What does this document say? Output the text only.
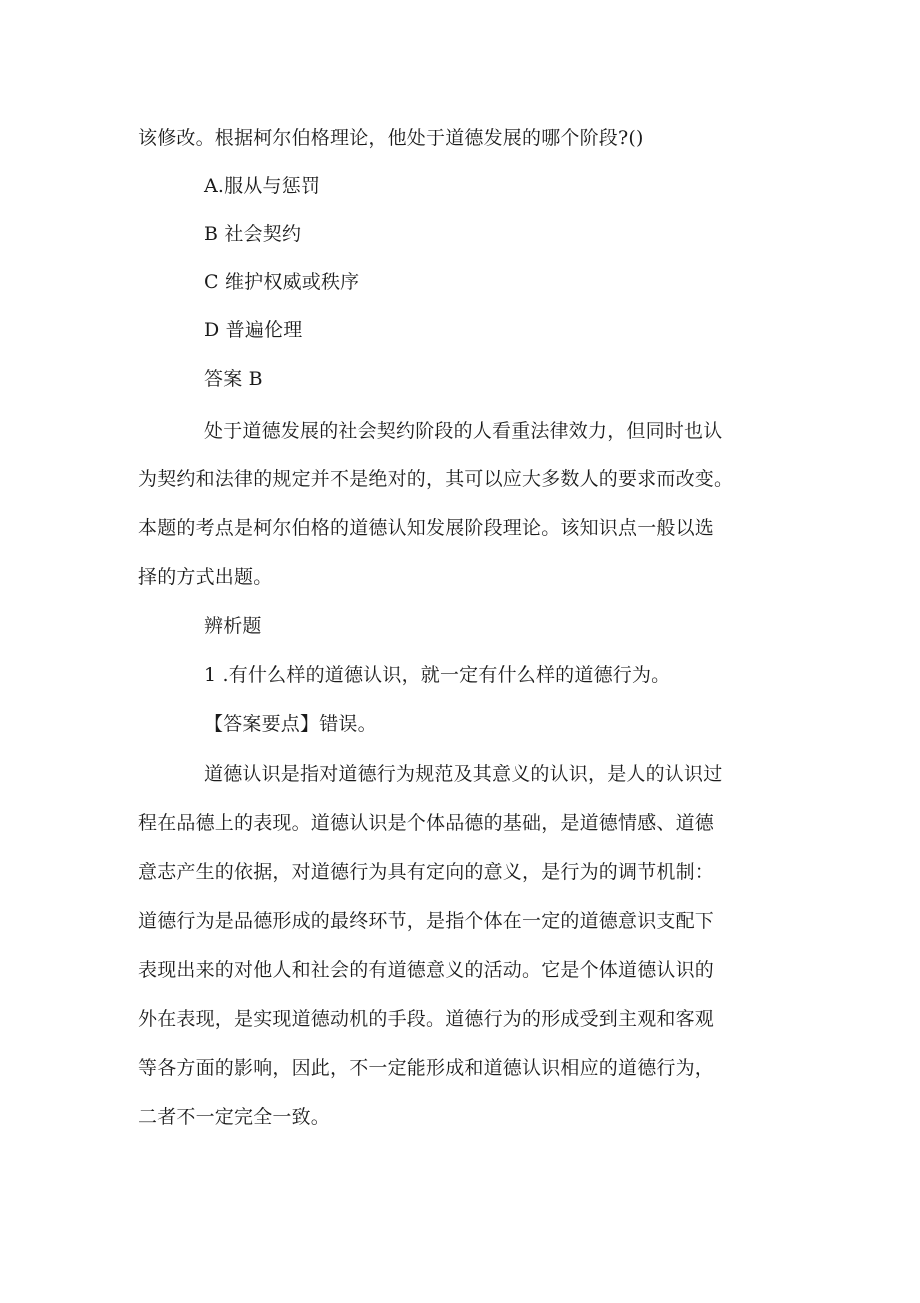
该修改。根据柯尔伯格理论，他处于道德发展的哪个阶段?()
A.服从与惩罚
B 社会契约
C 维护权威或秩序
D 普遍伦理
答案 B
处于道德发展的社会契约阶段的人看重法律效力，但同时也认
为契约和法律的规定并不是绝对的，其可以应大多数人的要求而改变。
本题的考点是柯尔伯格的道德认知发展阶段理论。该知识点一般以选
择的方式出题。
辨析题
1 .有什么样的道德认识，就一定有什么样的道德行为。
【答案要点】错误。
道德认识是指对道德行为规范及其意义的认识，是人的认识过
程在品德上的表现。道德认识是个体品德的基础，是道德情感、道德
意志产生的依据，对道德行为具有定向的意义，是行为的调节机制：
道德行为是品德形成的最终环节，是指个体在一定的道德意识支配下
表现出来的对他人和社会的有道德意义的活动。它是个体道德认识的
外在表现，是实现道德动机的手段。道德行为的形成受到主观和客观
等各方面的影响，因此，不一定能形成和道德认识相应的道德行为，
二者不一定完全一致。
